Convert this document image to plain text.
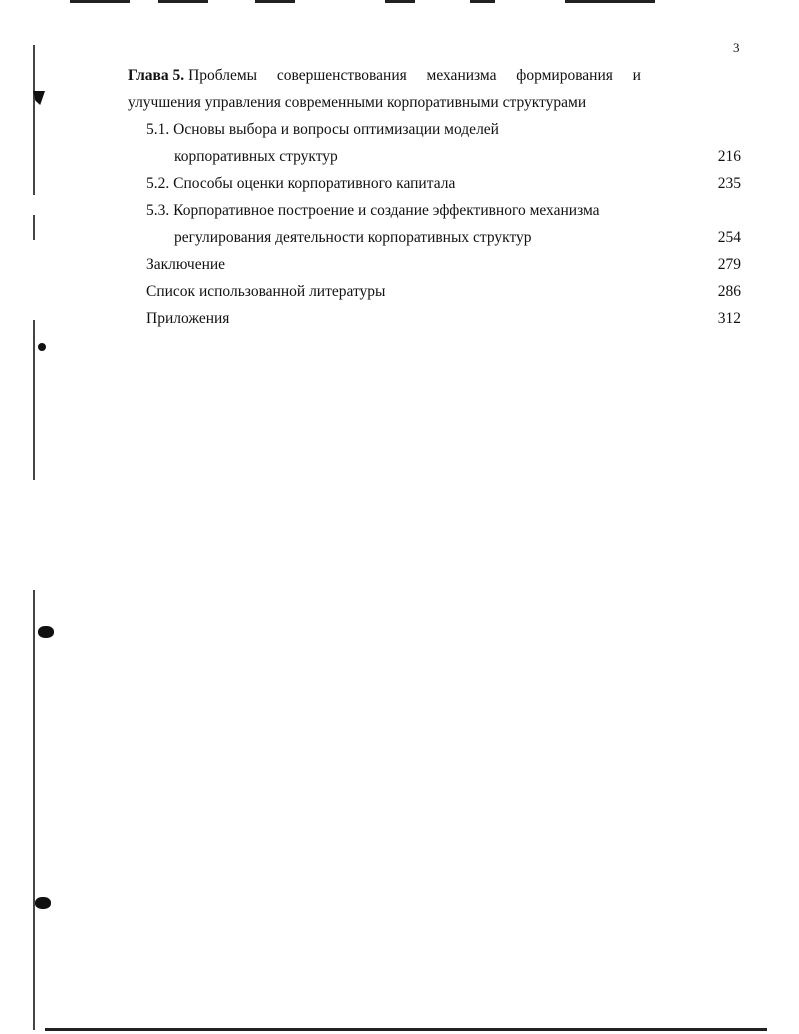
3
Глава 5. Проблемы совершенствования механизма формирования и
улучшения управления современными корпоративными структурами
5.1. Основы выбора и вопросы оптимизации моделей
корпоративных структур	216
5.2. Способы оценки корпоративного капитала	235
5.3. Корпоративное построение и создание эффективного механизма
регулирования деятельности корпоративных структур	254
Заключение	279
Список использованной литературы	286
Приложения	312
